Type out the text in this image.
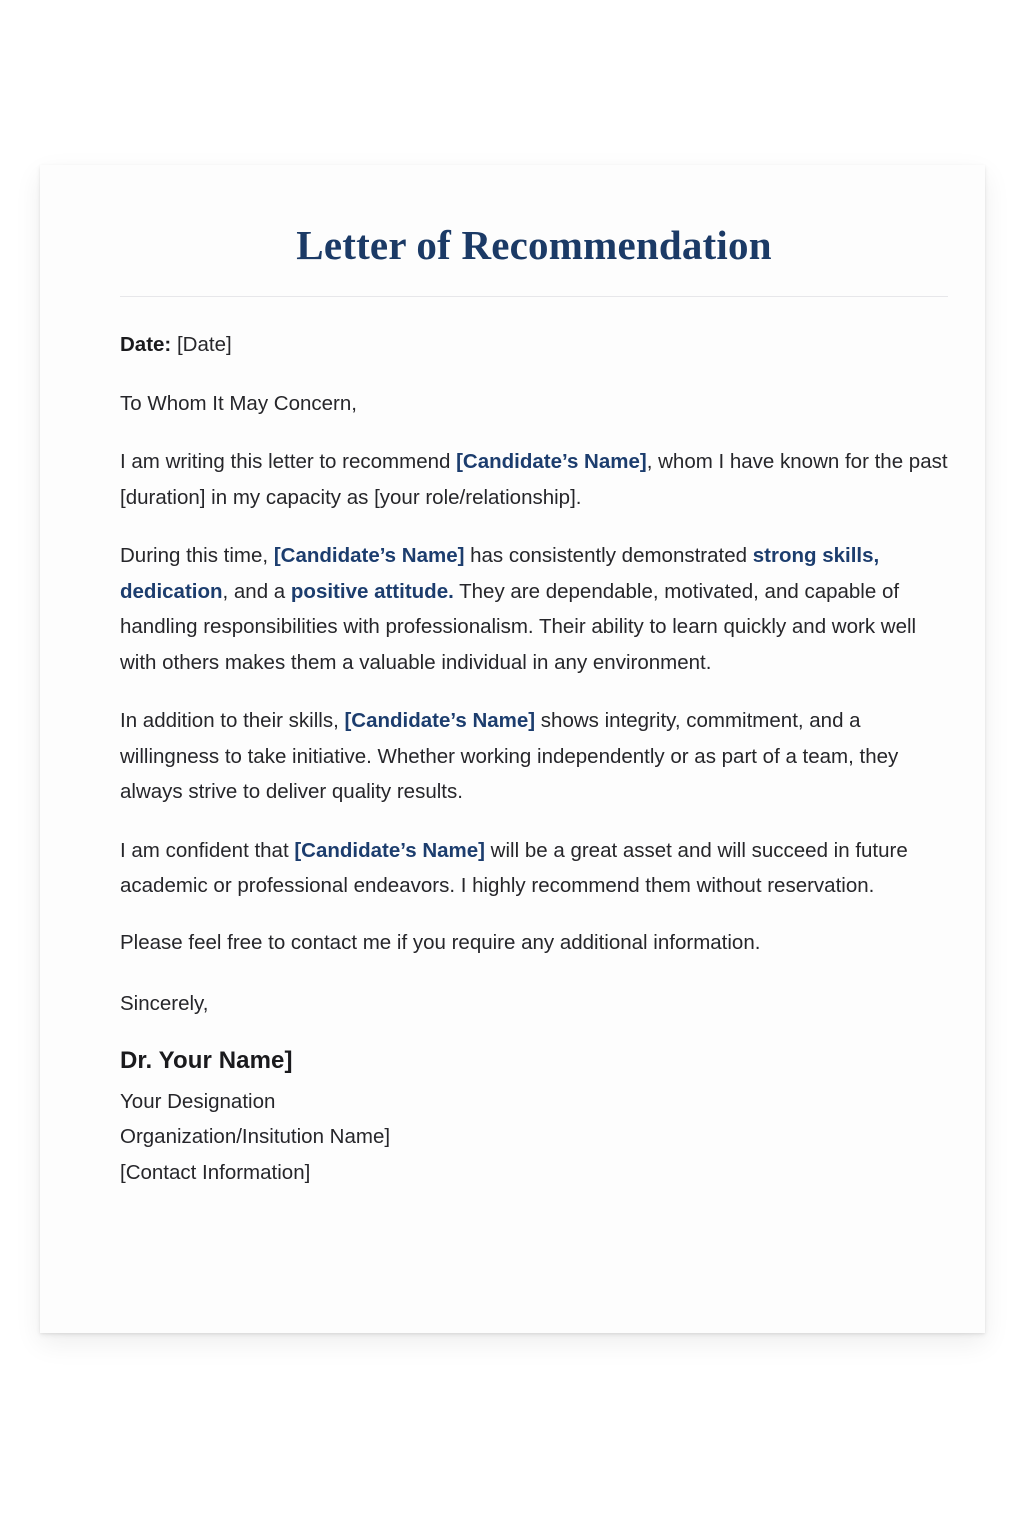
Letter of Recommendation

Date: [Date]

To Whom It May Concern,

I am writing this letter to recommend [Candidate’s Name], whom I have known for the past [duration] in my capacity as [your role/relationship].

During this time, [Candidate’s Name] has consistently demonstrated strong skills, dedication, and a positive attitude. They are dependable, motivated, and capable of handling responsibilities with professionalism. Their ability to learn quickly and work well with others makes them a valuable individual in any environment.

In addition to their skills, [Candidate’s Name] shows integrity, commitment, and a willingness to take initiative. Whether working independently or as part of a team, they always strive to deliver quality results.

I am confident that [Candidate’s Name] will be a great asset and will succeed in future academic or professional endeavors. I highly recommend them without reservation.

Please feel free to contact me if you require any additional information.

Sincerely,

Dr. Your Name]

Your Designation

Organization/Insitution Name]

[Contact Information]
